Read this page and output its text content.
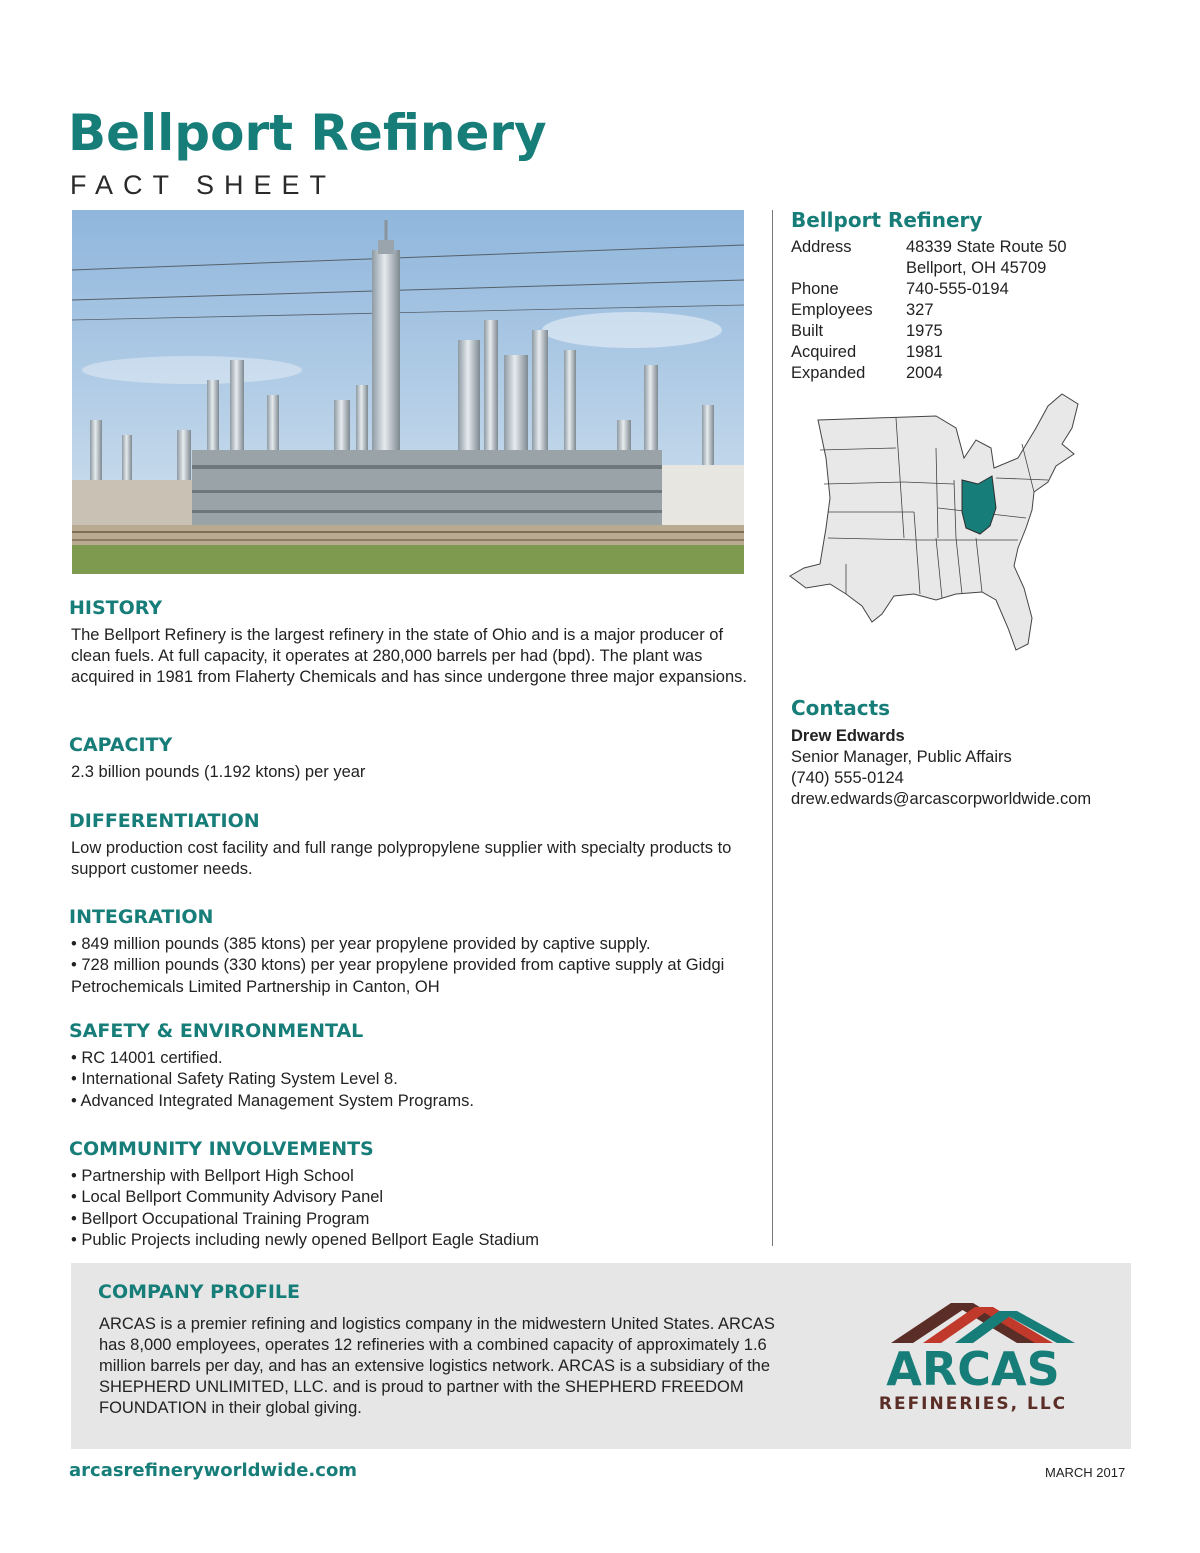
Bellport Refinery
FACT SHEET
HISTORY

The Bellport Refinery is the largest refinery in the state of Ohio and is a major producer of clean fuels. At full capacity, it operates at 280,000 barrels per had (bpd). The plant was acquired in 1981 from Flaherty Chemicals and has since undergone three major expansions.

CAPACITY

2.3 billion pounds (1.192 ktons) per year

DIFFERENTIATION

Low production cost facility and full range polypropylene supplier with specialty products to support customer needs.

INTEGRATION
• 849 million pounds (385 ktons) per year propylene provided by captive supply.
• 728 million pounds (330 ktons) per year propylene provided from captive supply at Gidgi Petrochemicals Limited Partnership in Canton, OH
SAFETY & ENVIRONMENTAL
• RC 14001 certified.
• International Safety Rating System Level 8.
• Advanced Integrated Management System Programs.
COMMUNITY INVOLVEMENTS
• Partnership with Bellport High School
• Local Bellport Community Advisory Panel
• Bellport Occupational Training Program
• Public Projects including newly opened Bellport Eagle Stadium
Bellport Refinery
Address	48339 State Route 50
	Bellport, OH 45709
Phone	740-555-0194
Employees	327
Built	1975
Acquired	1981
Expanded	2004
Contacts
Drew Edwards
Senior Manager, Public Affairs
(740) 555-0124
drew.edwards@arcascorpworldwide.com
COMPANY PROFILE

ARCAS is a premier refining and logistics company in the midwestern United States. ARCAS has 8,000 employees, operates 12 refineries with a combined capacity of approximately 1.6 million barrels per day, and has an extensive logistics network. ARCAS is a subsidiary of the SHEPHERD UNLIMITED, LLC. and is proud to partner with the SHEPHERD FREEDOM FOUNDATION in their global giving.

ARCAS
REFINERIES, LLC
arcasrefineryworldwide.com	MARCH 2017
